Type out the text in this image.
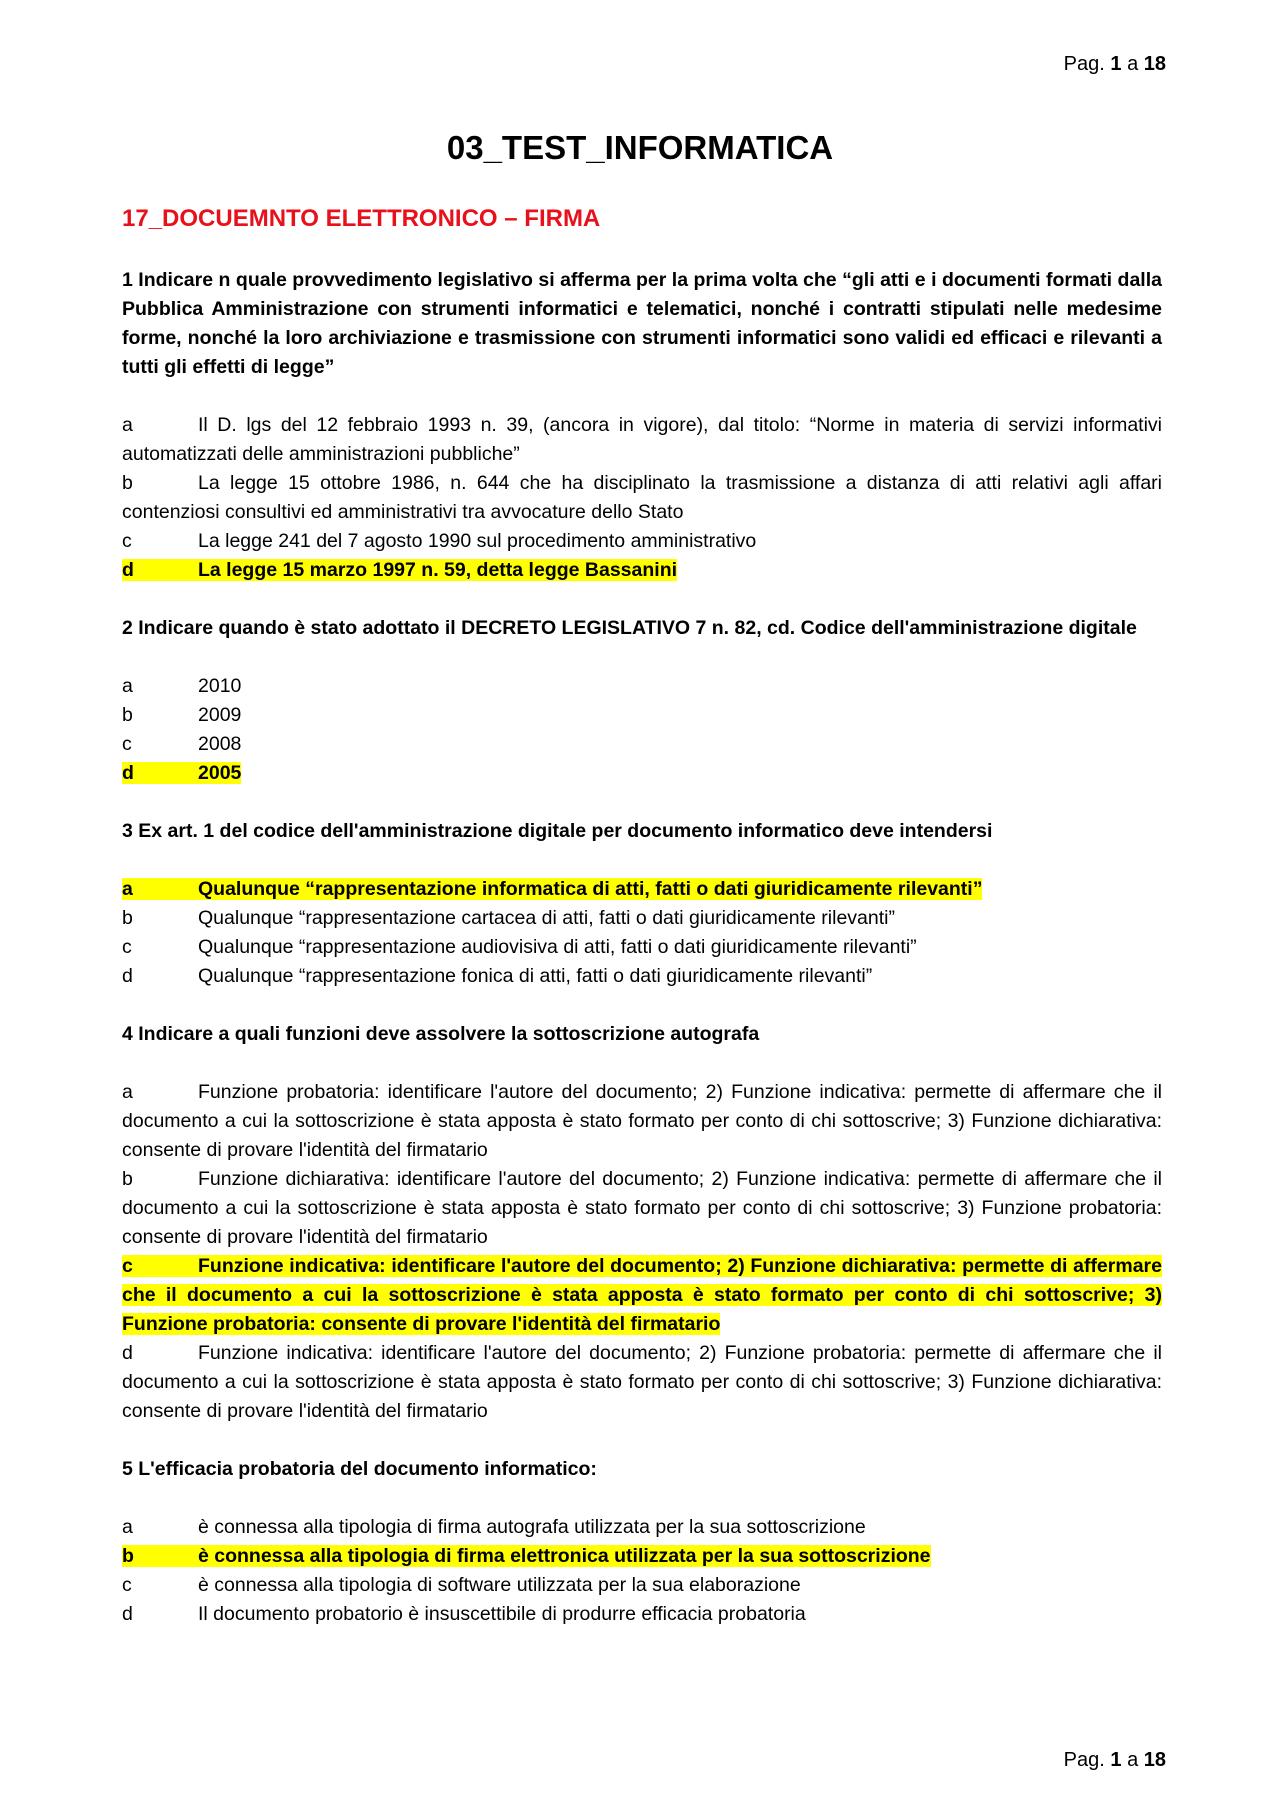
Pag. 1 a 18
03_TEST_INFORMATICA
17_DOCUEMNTO ELETTRONICO – FIRMA

1 Indicare n quale provvedimento legislativo si afferma per la prima volta che “gli atti e i documenti formati dalla Pubblica Amministrazione con strumenti informatici e telematici, nonché i contratti stipulati nelle medesime forme, nonché la loro archiviazione e trasmissione con strumenti informatici sono validi ed efficaci e rilevanti a tutti gli effetti di legge”

a	Il D. lgs del 12 febbraio 1993 n. 39, (ancora in vigore), dal titolo: “Norme in materia di servizi informativi automatizzati delle amministrazioni pubbliche”

b	La legge 15 ottobre 1986, n. 644 che ha disciplinato la trasmissione a distanza di atti relativi agli affari contenziosi consultivi ed amministrativi tra avvocature dello Stato

c	La legge 241 del 7 agosto 1990 sul procedimento amministrativo

d	La legge 15 marzo 1997 n. 59, detta legge Bassanini

2 Indicare quando è stato adottato il DECRETO LEGISLATIVO 7 n. 82, cd. Codice dell'amministrazione digitale

a	2010

b	2009

c	2008

d	2005

3 Ex art. 1 del codice dell'amministrazione digitale per documento informatico deve intendersi

a	Qualunque “rappresentazione informatica di atti, fatti o dati giuridicamente rilevanti”

b	Qualunque “rappresentazione cartacea di atti, fatti o dati giuridicamente rilevanti”

c	Qualunque “rappresentazione audiovisiva di atti, fatti o dati giuridicamente rilevanti”

d	Qualunque “rappresentazione fonica di atti, fatti o dati giuridicamente rilevanti”

4 Indicare a quali funzioni deve assolvere la sottoscrizione autografa

a	Funzione probatoria: identificare l'autore del documento; 2) Funzione indicativa: permette di affermare che il documento a cui la sottoscrizione è stata apposta è stato formato per conto di chi sottoscrive; 3) Funzione dichiarativa: consente di provare l'identità del firmatario

b	Funzione dichiarativa: identificare l'autore del documento; 2) Funzione indicativa: permette di affermare che il documento a cui la sottoscrizione è stata apposta è stato formato per conto di chi sottoscrive; 3) Funzione probatoria: consente di provare l'identità del firmatario

c	Funzione indicativa: identificare l'autore del documento; 2) Funzione dichiarativa: permette di affermare che il documento a cui la sottoscrizione è stata apposta è stato formato per conto di chi sottoscrive; 3) Funzione probatoria: consente di provare l'identità del firmatario

d	Funzione indicativa: identificare l'autore del documento; 2) Funzione probatoria: permette di affermare che il documento a cui la sottoscrizione è stata apposta è stato formato per conto di chi sottoscrive; 3) Funzione dichiarativa: consente di provare l'identità del firmatario

5 L'efficacia probatoria del documento informatico:

a	è connessa alla tipologia di firma autografa utilizzata per la sua sottoscrizione

b	è connessa alla tipologia di firma elettronica utilizzata per la sua sottoscrizione

c	è connessa alla tipologia di software utilizzata per la sua elaborazione

d	Il documento probatorio è insuscettibile di produrre efficacia probatoria

Pag. 1 a 18
